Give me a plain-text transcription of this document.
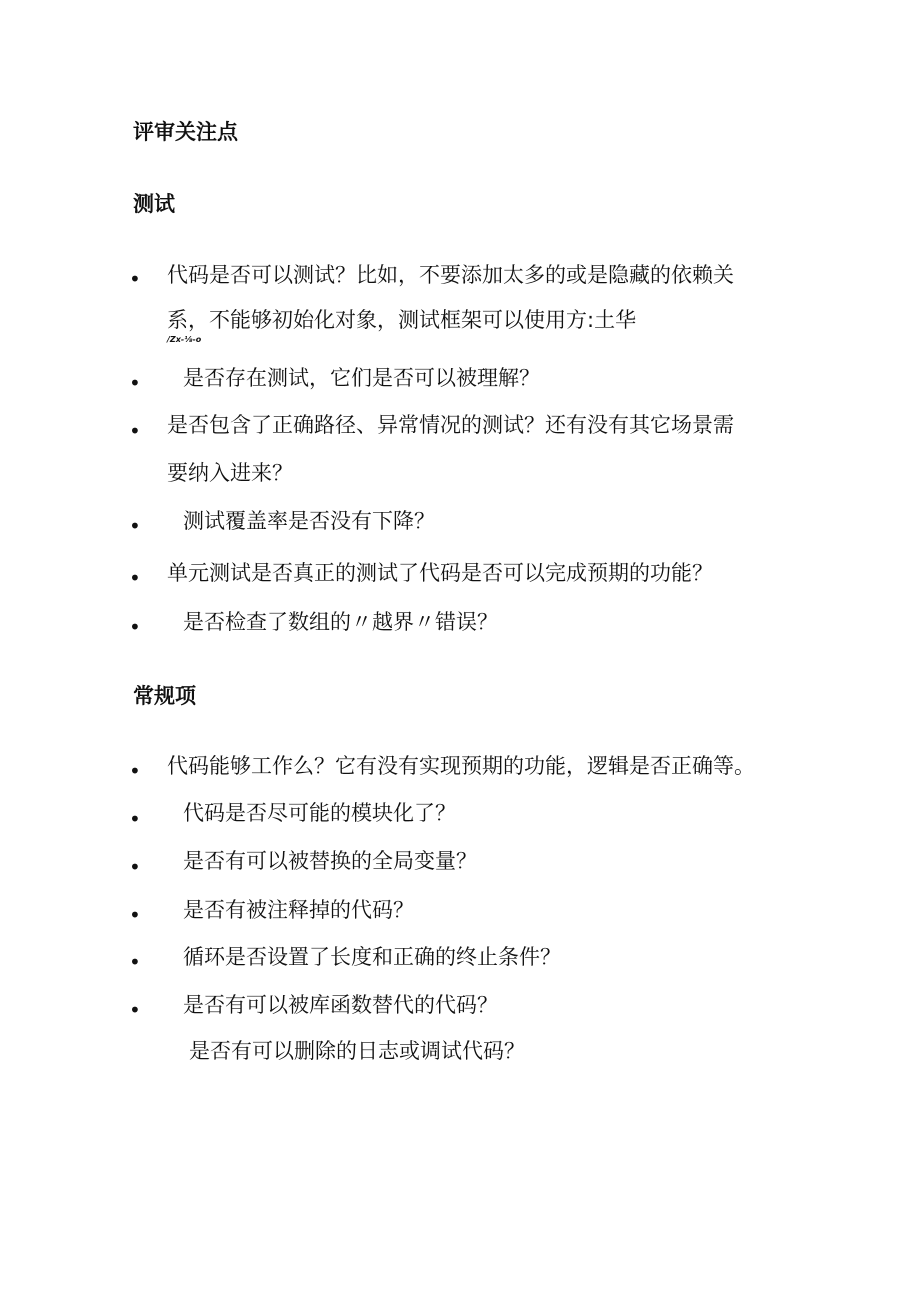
评审关注点
测试
• 代码是否可以测试？比如，不要添加太多的或是隐藏的依赖关
系，不能够初始化对象，测试框架可以使用方:土华
/Zx-⅛-o
• 是否存在测试，它们是否可以被理解？
• 是否包含了正确路径、异常情况的测试？还有没有其它场景需
要纳入进来？
• 测试覆盖率是否没有下降？
• 单元测试是否真正的测试了代码是否可以完成预期的功能？
• 是否检查了数组的〃越界〃错误？
常规项
• 代码能够工作么？它有没有实现预期的功能，逻辑是否正确等。
• 代码是否尽可能的模块化了？
• 是否有可以被替换的全局变量？
• 是否有被注释掉的代码？
• 循环是否设置了长度和正确的终止条件？
• 是否有可以被库函数替代的代码？
是否有可以删除的日志或调试代码？
